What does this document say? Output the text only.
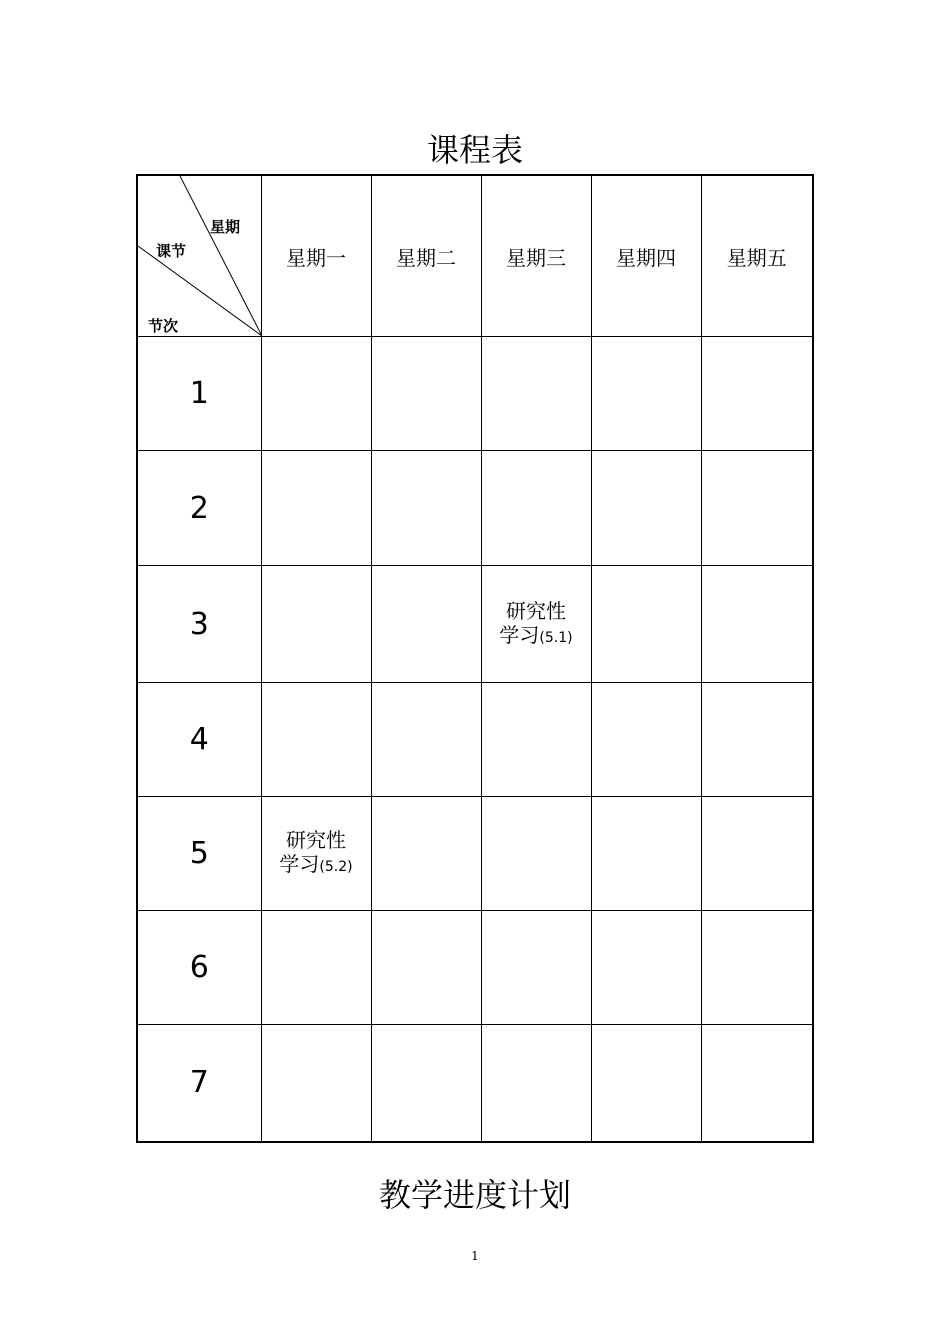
课程表
星期
课节
节次	星期一	星期二	星期三	星期四	星期五
1					
2					
3			研究性
学习(5.1)		

4					
5	研究性
学习(5.2)				

6					
7					
教学进度计划
1
